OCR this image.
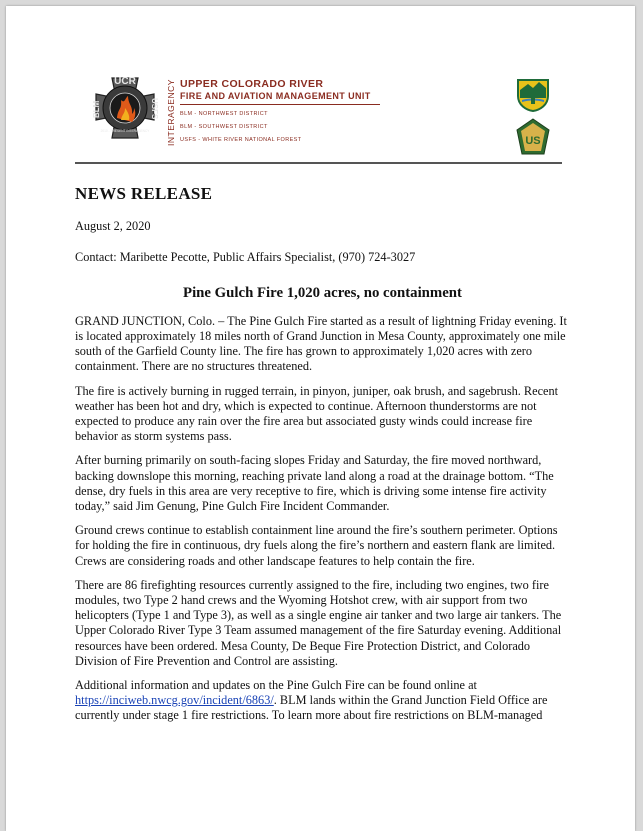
UCR
BLM	USFS
2010 - PRESENT INTERAGENCY INTERAGENCY UPPER COLORADO RIVER
FIRE AND AVIATION MANAGEMENT UNIT
BLM - NORTHWEST DISTRICT
BLM - SOUTHWEST DISTRICT
USFS - WHITE RIVER NATIONAL FOREST	US
NEWS RELEASE
August 2, 2020
Contact: Maribette Pecotte, Public Affairs Specialist, (970) 724-3027
Pine Gulch Fire 1,020 acres, no containment

GRAND JUNCTION, Colo. – The Pine Gulch Fire started as a result of lightning Friday evening. It is located approximately 18 miles north of Grand Junction in Mesa County, approximately one mile south of the Garfield County line. The fire has grown to approximately 1,020 acres with zero containment. There are no structures threatened.

The fire is actively burning in rugged terrain, in pinyon, juniper, oak brush, and sagebrush. Recent weather has been hot and dry, which is expected to continue. Afternoon thunderstorms are not expected to produce any rain over the fire area but associated gusty winds could increase fire behavior as storm systems pass.

After burning primarily on south-facing slopes Friday and Saturday, the fire moved northward, backing downslope this morning, reaching private land along a road at the drainage bottom. “The dense, dry fuels in this area are very receptive to fire, which is driving some intense fire activity today,” said Jim Genung, Pine Gulch Fire Incident Commander.

Ground crews continue to establish containment line around the fire’s southern perimeter. Options for holding the fire in continuous, dry fuels along the fire’s northern and eastern flank are limited. Crews are considering roads and other landscape features to help contain the fire.

There are 86 firefighting resources currently assigned to the fire, including two engines, two fire modules, two Type 2 hand crews and the Wyoming Hotshot crew, with air support from two helicopters (Type 1 and Type 3), as well as a single engine air tanker and two large air tankers. The Upper Colorado River Type 3 Team assumed management of the fire Saturday evening. Additional resources have been ordered. Mesa County, De Beque Fire Protection District, and Colorado Division of Fire Prevention and Control are assisting.

Additional information and updates on the Pine Gulch Fire can be found online at
https://inciweb.nwcg.gov/incident/6863/. BLM lands within the Grand Junction Field Office are currently under stage 1 fire restrictions. To learn more about fire restrictions on BLM-managed
